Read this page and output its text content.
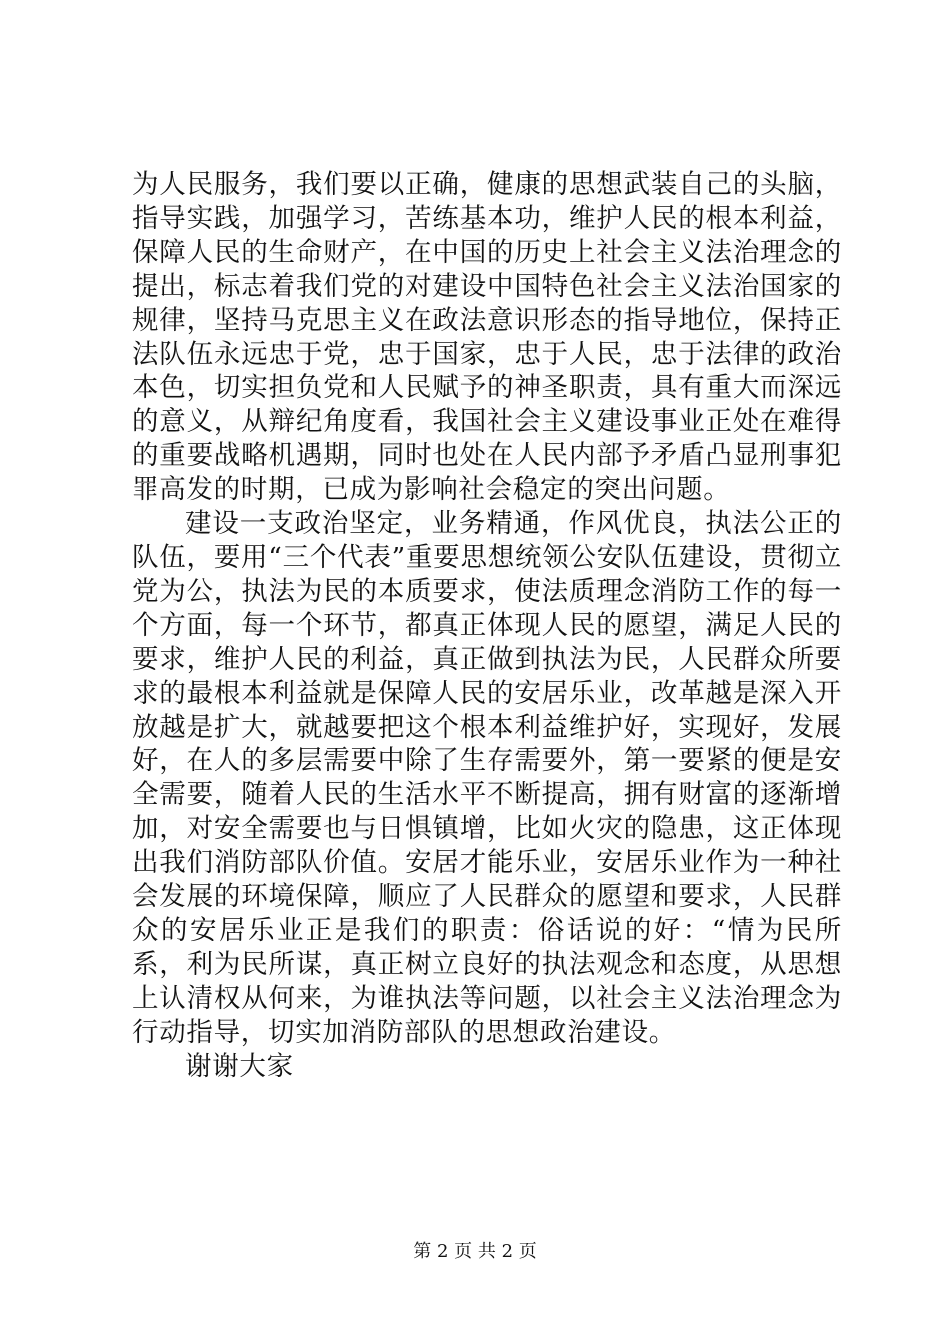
为人民服务，我们要以正确，健康的思想武装自己的头脑，指导实践，加强学习，苦练基本功，维护人民的根本利益，保障人民的生命财产，在中国的历史上社会主义法治理念的提出，标志着我们党的对建设中国特色社会主义法治国家的规律，坚持马克思主义在政法意识形态的指导地位，保持正法队伍永远忠于党，忠于国家，忠于人民，忠于法律的政治本色，切实担负党和人民赋予的神圣职责，具有重大而深远的意义，从辩纪角度看，我国社会主义建设事业正处在难得的重要战略机遇期，同时也处在人民内部予矛盾凸显刑事犯罪高发的时期，已成为影响社会稳定的突出问题。

建设一支政治坚定，业务精通，作风优良，执法公正的队伍，要用“三个代表”重要思想统领公安队伍建设，贯彻立党为公，执法为民的本质要求，使法质理念消防工作的每一个方面，每一个环节，都真正体现人民的愿望，满足人民的要求，维护人民的利益，真正做到执法为民，人民群众所要求的最根本利益就是保障人民的安居乐业，改革越是深入开放越是扩大，就越要把这个根本利益维护好，实现好，发展好，在人的多层需要中除了生存需要外，第一要紧的便是安全需要，随着人民的生活水平不断提高，拥有财富的逐渐增加，对安全需要也与日惧镇增，比如火灾的隐患，这正体现出我们消防部队价值。安居才能乐业，安居乐业作为一种社会发展的环境保障，顺应了人民群众的愿望和要求，人民群众的安居乐业正是我们的职责：俗话说的好：“情为民所系，利为民所谋，真正树立良好的执法观念和态度，从思想上认清权从何来，为谁执法等问题，以社会主义法治理念为行动指导，切实加消防部队的思想政治建设。

谢谢大家

第 2 页 共 2 页
